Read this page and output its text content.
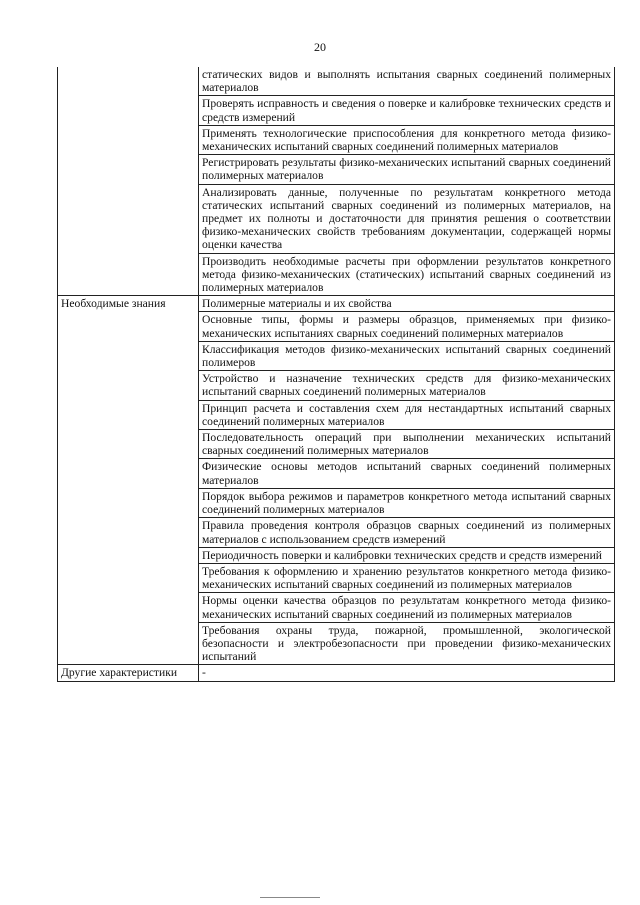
20
	статических видов и выполнять испытания сварных соединений полимерных материалов
	Проверять исправность и сведения о поверке и калибровке технических средств и средств измерений
	Применять технологические приспособления для конкретного метода физико-механических испытаний сварных соединений полимерных материалов
	Регистрировать результаты физико-механических испытаний сварных соединений полимерных материалов
	Анализировать данные, полученные по результатам конкретного метода статических испытаний сварных соединений из полимерных материалов, на предмет их полноты и достаточности для принятия решения о соответствии физико-механических свойств требованиям документации, содержащей нормы оценки качества
	Производить необходимые расчеты при оформлении результатов конкретного метода физико-механических (статических) испытаний сварных соединений из полимерных материалов
Необходимые знания	Полимерные материалы и их свойства
	Основные типы, формы и размеры образцов, применяемых при физико-механических испытаниях сварных соединений полимерных материалов
	Классификация методов физико-механических испытаний сварных соединений полимеров
	Устройство и назначение технических средств для физико-механических испытаний сварных соединений полимерных материалов
	Принцип расчета и составления схем для нестандартных испытаний сварных соединений полимерных материалов
	Последовательность операций при выполнении механических испытаний сварных соединений полимерных материалов
	Физические основы методов испытаний сварных соединений полимерных материалов
	Порядок выбора режимов и параметров конкретного метода испытаний сварных соединений полимерных материалов
	Правила проведения контроля образцов сварных соединений из полимерных материалов с использованием средств измерений
	Периодичность поверки и калибровки технических средств и средств измерений
	Требования к оформлению и хранению результатов конкретного метода физико-механических испытаний сварных соединений из полимерных материалов
	Нормы оценки качества образцов по результатам конкретного метода физико-механических испытаний сварных соединений из полимерных материалов
	Требования охраны труда, пожарной, промышленной, экологической безопасности и электробезопасности при проведении физико-механических испытаний
Другие характеристики	-
